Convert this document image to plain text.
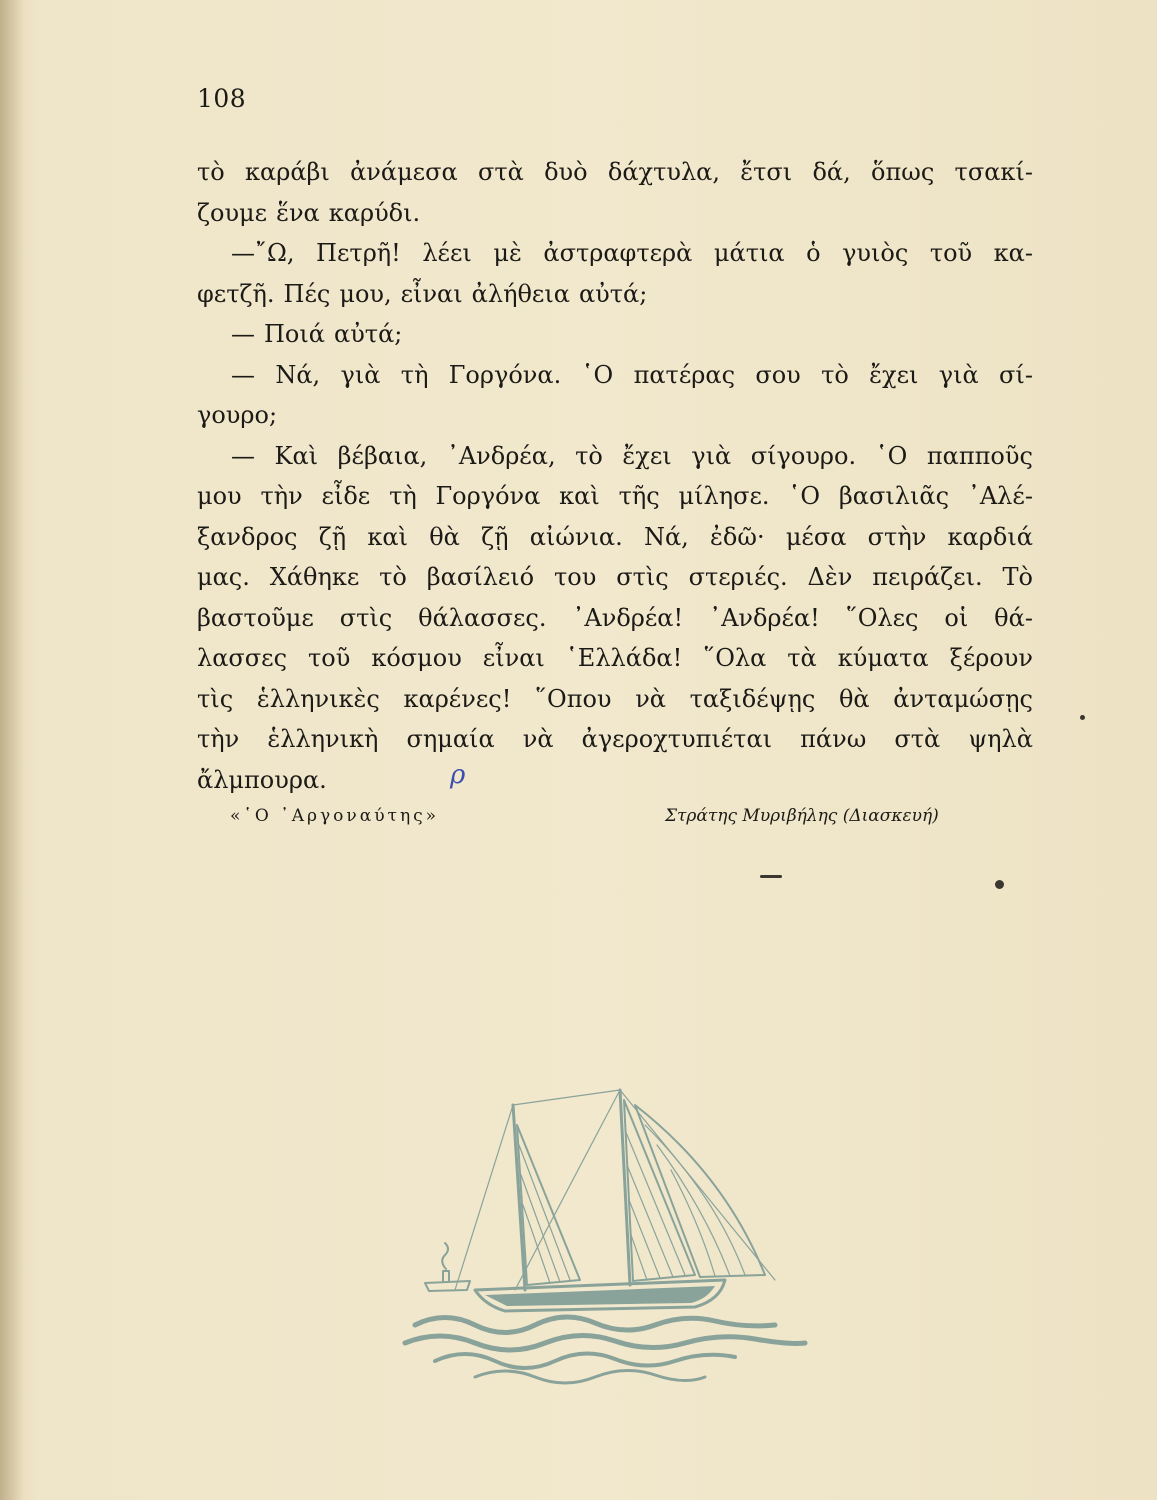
108
τὸ καράβι ἀνάμεσα στὰ δυὸ δάχτυλα, ἔτσι δά, ὅπως τσακί-
ζουμε ἕνα καρύδι.
—῎Ω, Πετρῆ! λέει μὲ ἀστραφτερὰ μάτια ὁ γυιὸς τοῦ κα-
φετζῆ. Πές μου, εἶναι ἀλήθεια αὐτά;
— Ποιά αὐτά;
— Νά, γιὰ τὴ Γοργόνα. ῾Ο πατέρας σου τὸ ἔχει γιὰ σί-
γουρο;
— Καὶ βέβαια, ᾿Ανδρέα, τὸ ἔχει γιὰ σίγουρο. ῾Ο παπποῦς
μου τὴν εἶδε τὴ Γοργόνα καὶ τῆς μίλησε. ῾Ο βασιλιᾶς ᾿Αλέ-
ξανδρος ζῇ καὶ θὰ ζῇ αἰώνια. Νά, ἐδῶ· μέσα στὴν καρδιά
μας. Χάθηκε τὸ βασίλειό του στὶς στεριές. Δὲν πειράζει. Τὸ
βαστοῦμε στὶς θάλασσες. ᾿Ανδρέα! ᾿Ανδρέα! ῞Ολες οἱ θά-
λασσες τοῦ κόσμου εἶναι ῾Ελλάδα! ῞Ολα τὰ κύματα ξέρουν
τὶς ἑλληνικὲς καρένες! ῞Οπου νὰ ταξιδέψῃς θὰ ἀνταμώσῃς
τὴν ἑλληνικὴ σημαία νὰ ἀγεροχτυπιέται πάνω στὰ ψηλὰ
ἄλμπουρα.	ρ
«῾Ο ᾿Αργοναύτης»	Στράτης Μυριβήλης (Διασκευή)
